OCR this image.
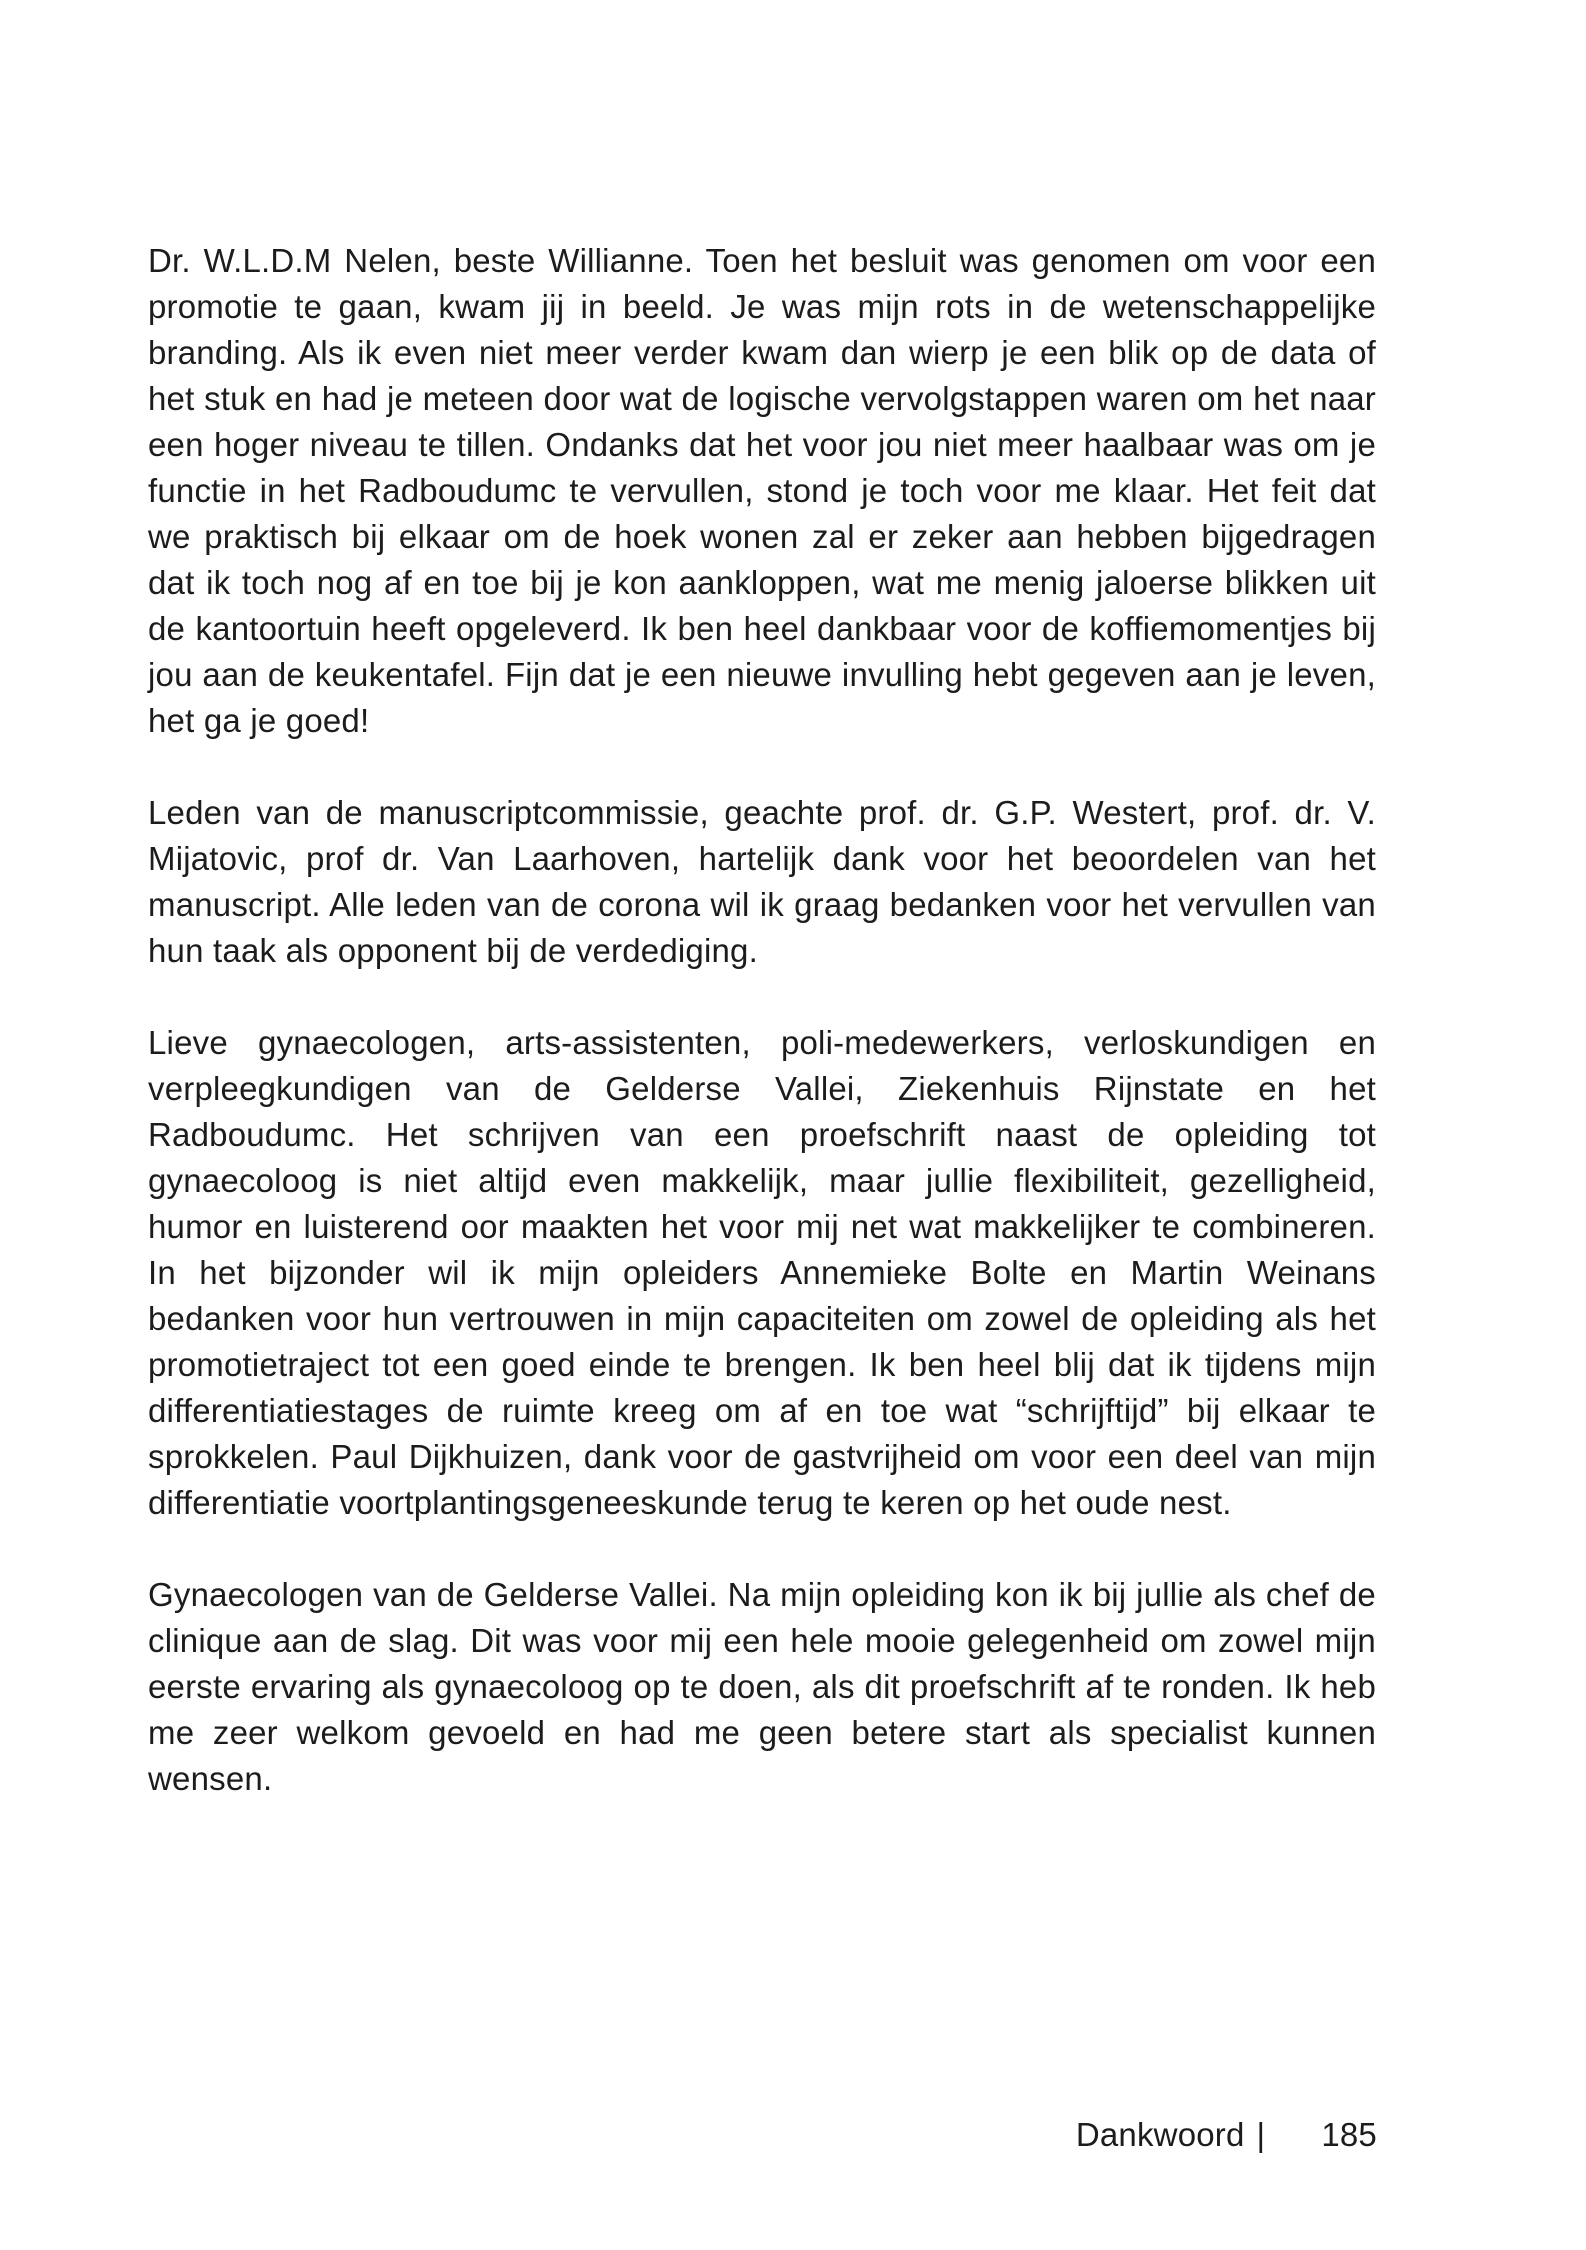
Dr. W.L.D.M Nelen, beste Willianne. Toen het besluit was genomen om voor een promotie te gaan, kwam jij in beeld. Je was mijn rots in de wetenschappelijke branding. Als ik even niet meer verder kwam dan wierp je een blik op de data of het stuk en had je meteen door wat de logische vervolgstappen waren om het naar een hoger niveau te tillen. Ondanks dat het voor jou niet meer haalbaar was om je functie in het Radboudumc te vervullen, stond je toch voor me klaar. Het feit dat we praktisch bij elkaar om de hoek wonen zal er zeker aan hebben bijgedragen dat ik toch nog af en toe bij je kon aankloppen, wat me menig jaloerse blikken uit de kantoortuin heeft opgeleverd. Ik ben heel dankbaar voor de koffiemomentjes bij jou aan de keukentafel. Fijn dat je een nieuwe invulling hebt gegeven aan je leven, het ga je goed!

Leden van de manuscriptcommissie, geachte prof. dr. G.P. Westert, prof. dr. V. Mijatovic, prof dr. Van Laarhoven, hartelijk dank voor het beoordelen van het manuscript. Alle leden van de corona wil ik graag bedanken voor het vervullen van hun taak als opponent bij de verdediging.

Lieve gynaecologen, arts-assistenten, poli-medewerkers, verloskundigen en verpleegkundigen van de Gelderse Vallei, Ziekenhuis Rijnstate en het Radboudumc. Het schrijven van een proefschrift naast de opleiding tot gynaecoloog is niet altijd even makkelijk, maar jullie flexibiliteit, gezelligheid, humor en luisterend oor maakten het voor mij net wat makkelijker te combineren. In het bijzonder wil ik mijn opleiders Annemieke Bolte en Martin Weinans bedanken voor hun vertrouwen in mijn capaciteiten om zowel de opleiding als het promotietraject tot een goed einde te brengen. Ik ben heel blij dat ik tijdens mijn differentiatiestages de ruimte kreeg om af en toe wat “schrijftijd” bij elkaar te sprokkelen. Paul Dijkhuizen, dank voor de gastvrijheid om voor een deel van mijn differentiatie voortplantingsgeneeskunde terug te keren op het oude nest.

Gynaecologen van de Gelderse Vallei. Na mijn opleiding kon ik bij jullie als chef de clinique aan de slag. Dit was voor mij een hele mooie gelegenheid om zowel mijn eerste ervaring als gynaecoloog op te doen, als dit proefschrift af te ronden. Ik heb me zeer welkom gevoeld en had me geen betere start als specialist kunnen wensen.

Dankwoord | 185
